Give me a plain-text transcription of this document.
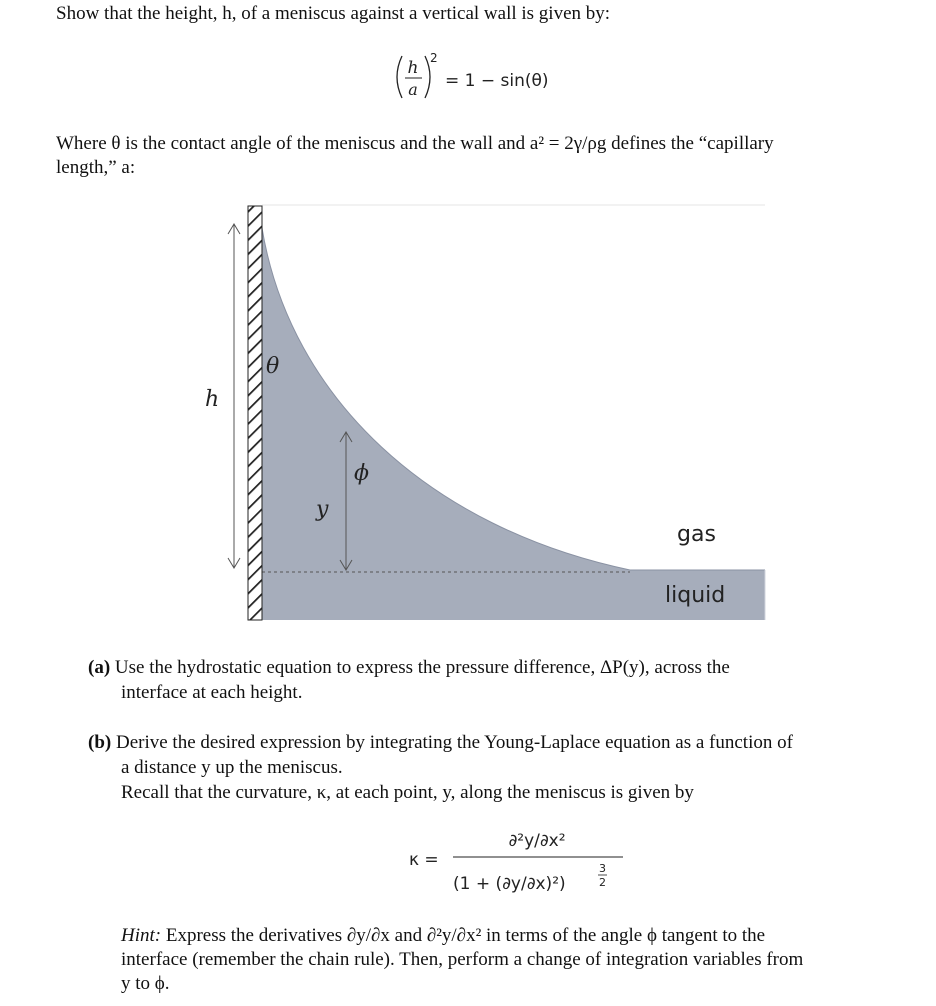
Show that the height, h, of a meniscus against a vertical wall is given by:
h
a
2
= 1 − sin(θ)
Where θ is the contact angle of the meniscus and the wall and a² = 2γ/ρg defines the “capillary
length,” a:
h
θ
ϕ
y
gas
liquid
(a) Use the hydrostatic equation to express the pressure difference, ΔP(y), across the
interface at each height.
(b) Derive the desired expression by integrating the Young-Laplace equation as a function of
a distance y up the meniscus.
Recall that the curvature, κ, at each point, y, along the meniscus is given by
κ =
∂²y/∂x²
(1 + (∂y/∂x)²)
3
2
Hint: Express the derivatives ∂y/∂x and ∂²y/∂x² in terms of the angle ϕ tangent to the
interface (remember the chain rule). Then, perform a change of integration variables from
y to ϕ.
